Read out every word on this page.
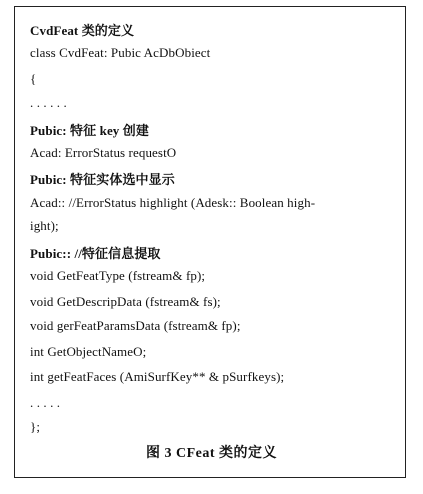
CvdFeat 类的定义
class CvdFeat: Pubic AcDbObiect
{
. . . . . .
Pubic: 特征 key 创建
Acad: ErrorStatus requestO
Pubic: 特征实体选中显示
Acad:: //ErrorStatus highlight (Adesk:: Boolean high-
ight);
Pubic:: //特征信息提取
void GetFeatType (fstream& fp);
void GetDescripData (fstream& fs);
void gerFeatParamsData (fstream& fp);
int GetObjectNameO;
int getFeatFaces (AmiSurfKey** & pSurfkeys);
. . . . .
};
图 3 CFeat 类的定义
